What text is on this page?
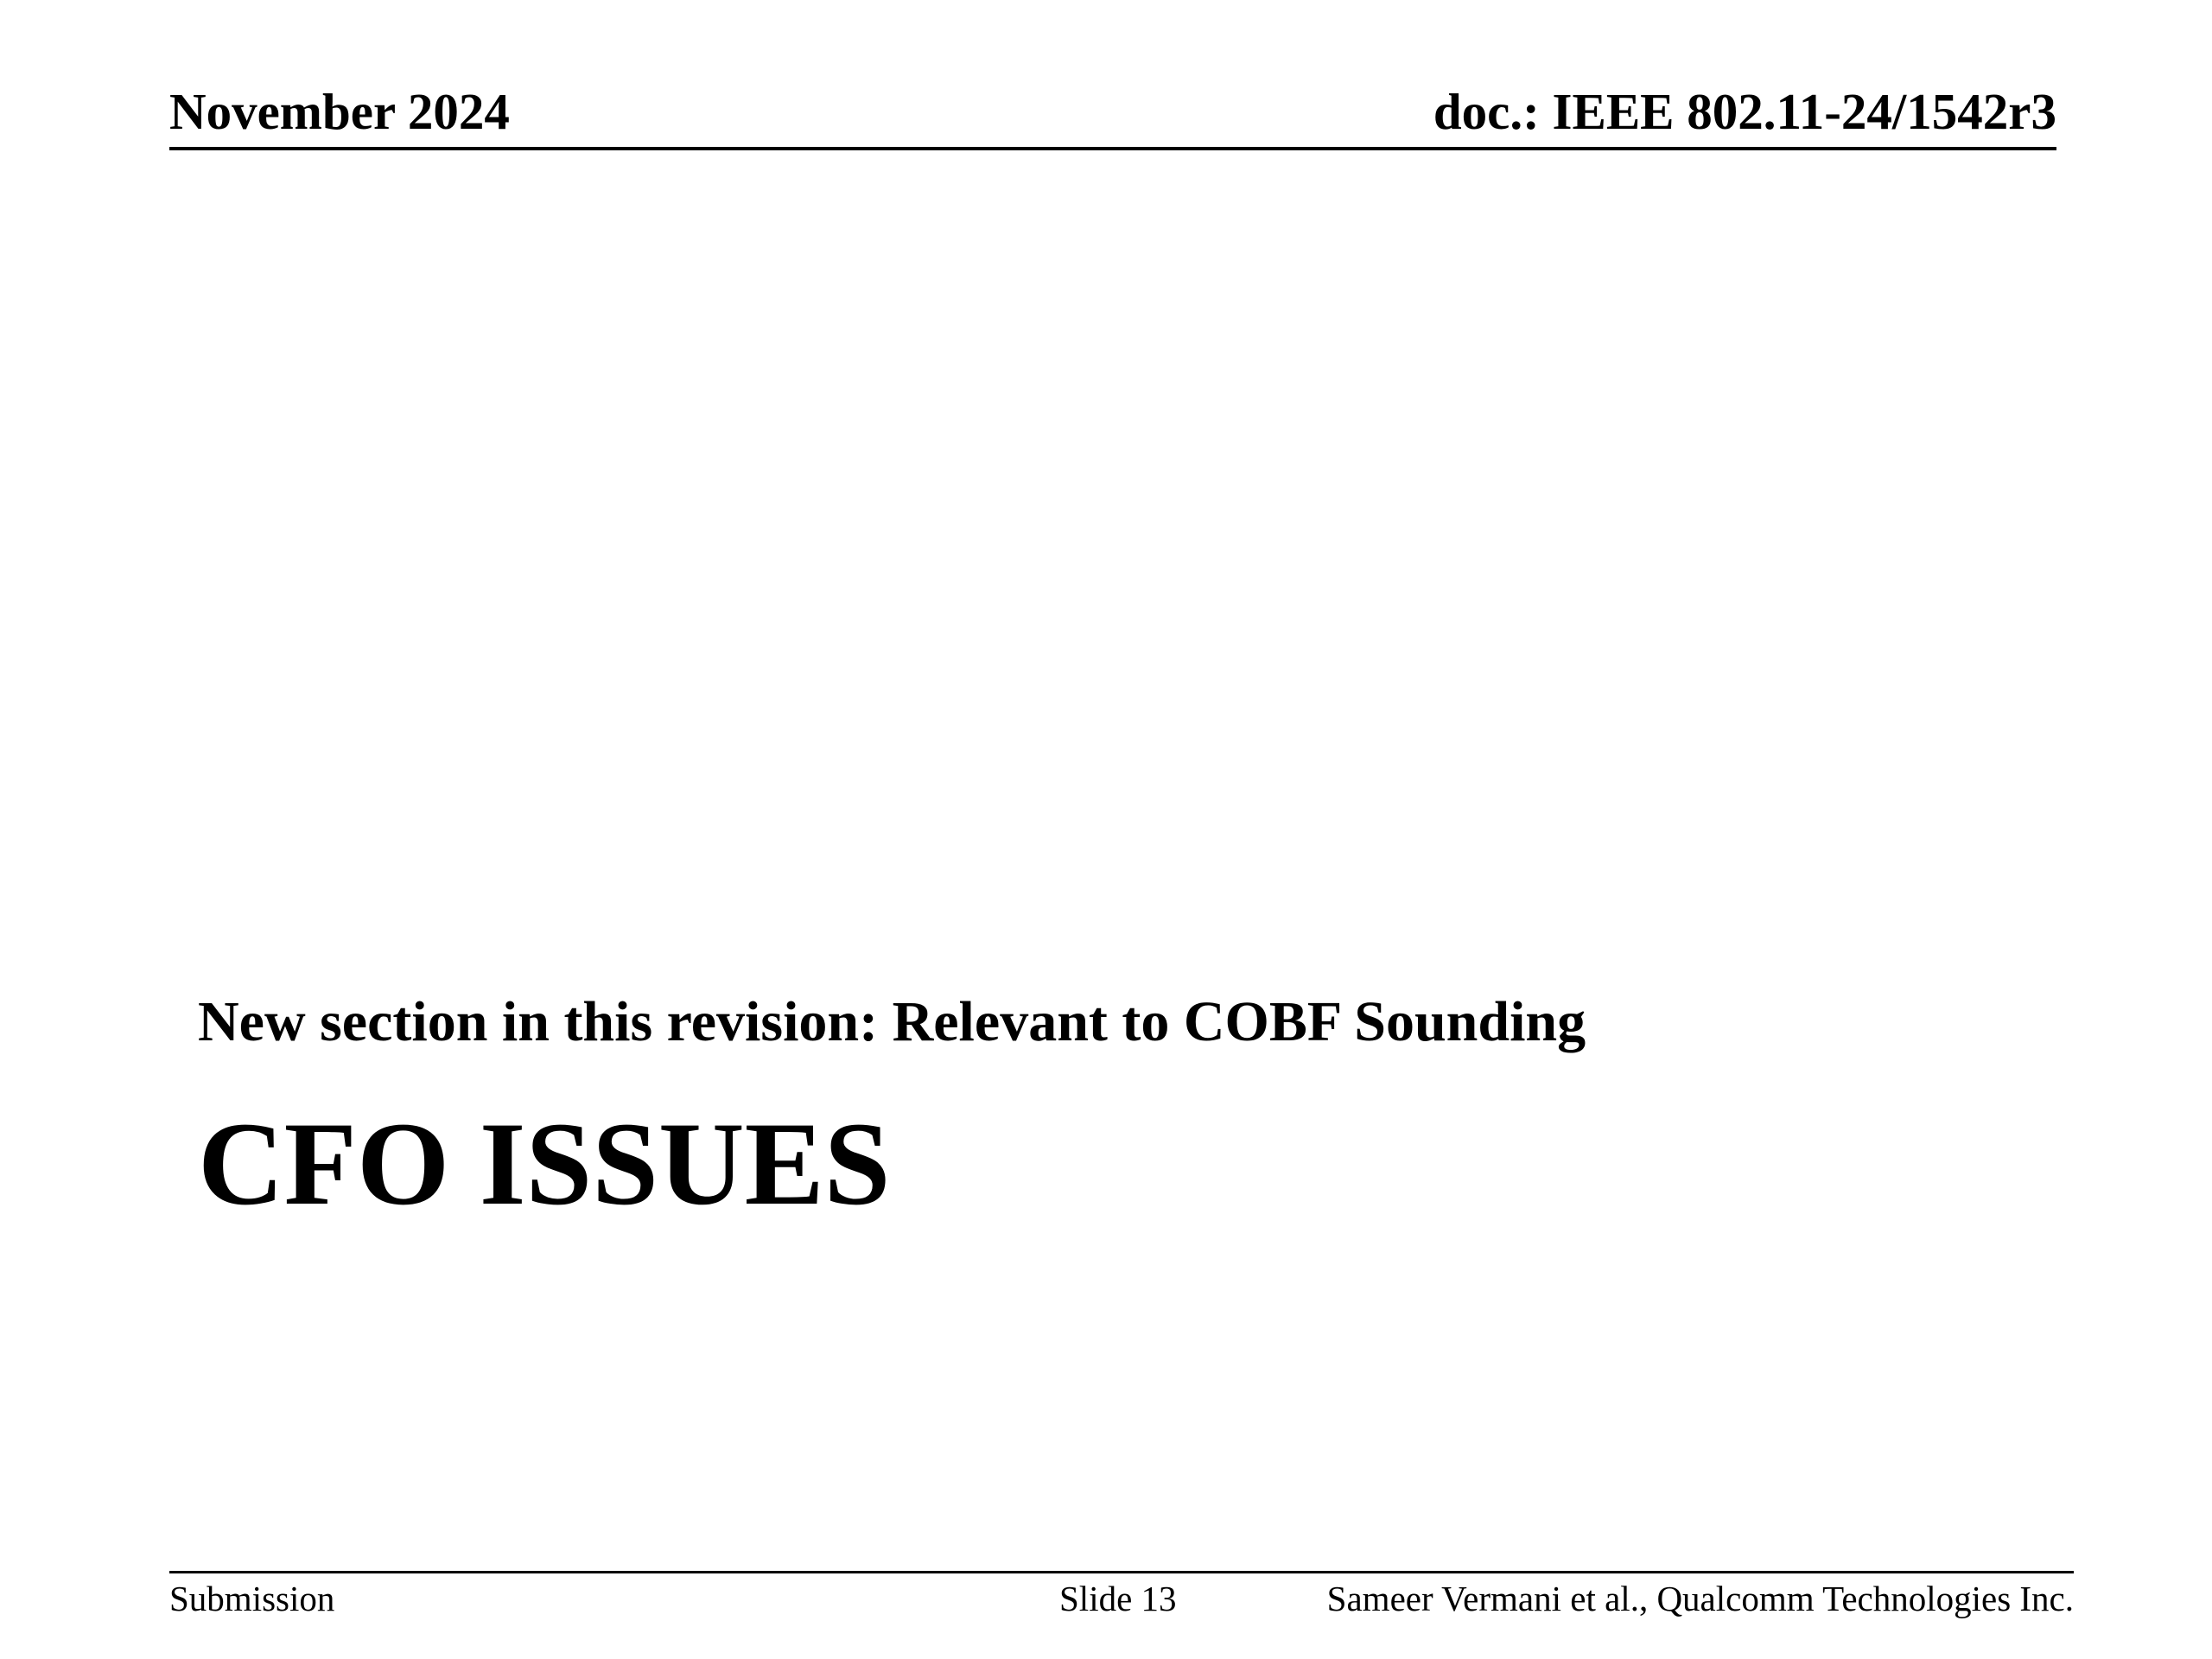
November 2024	doc.: IEEE 802.11-24/1542r3
New section in this revision: Relevant to COBF Sounding
CFO ISSUES
Submission	Slide 13	Sameer Vermani et al., Qualcomm Technologies Inc.
